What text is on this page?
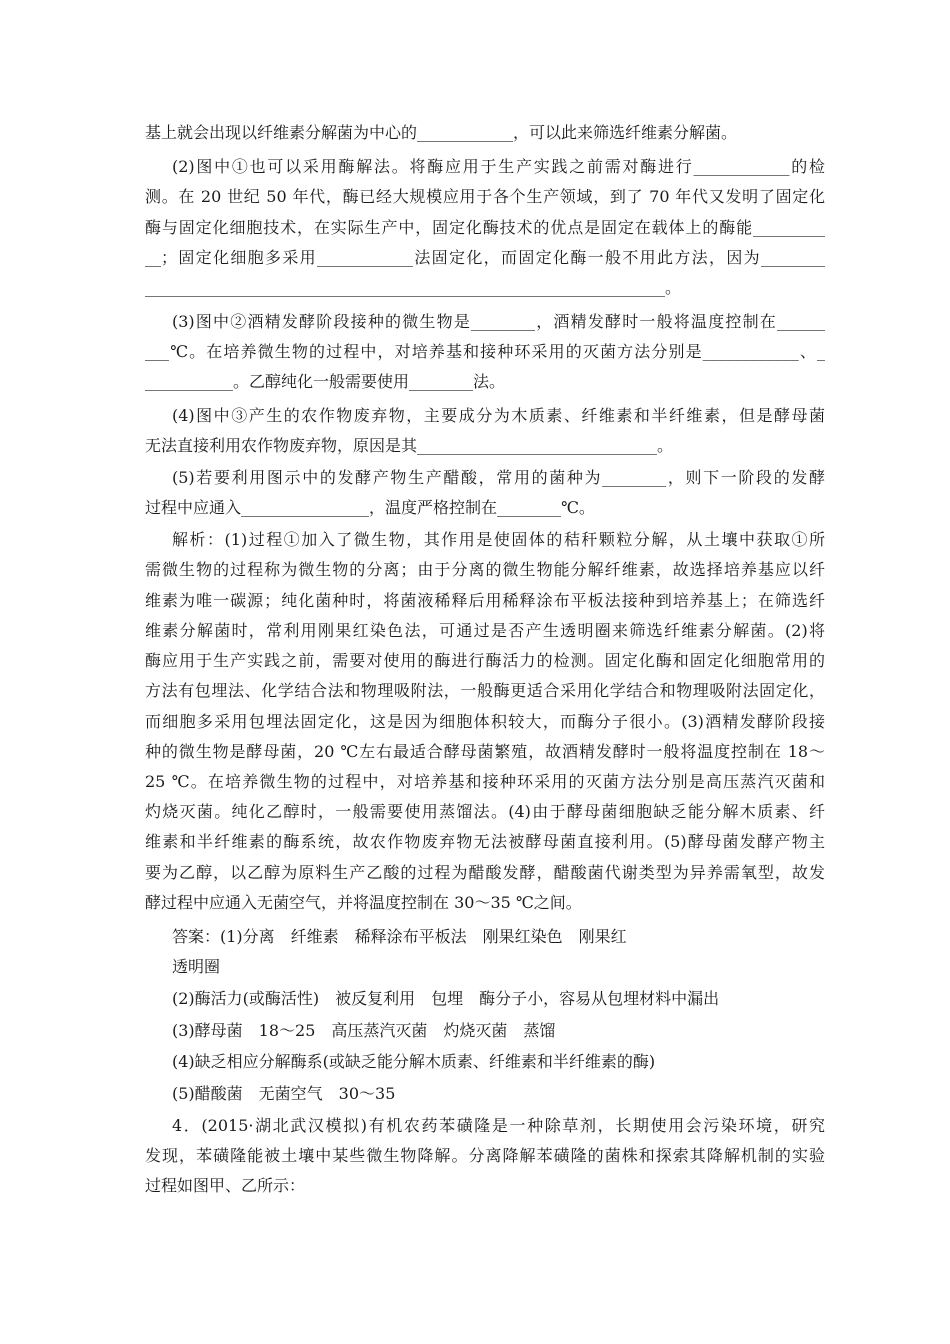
基上就会出现以纤维素分解菌为中心的____________，可以此来筛选纤维素分解菌。
(2)图中①也可以采用酶解法。将酶应用于生产实践之前需对酶进行____________的检
测。在 20 世纪 50 年代，酶已经大规模应用于各个生产领域，到了 70 年代又发明了固定化
酶与固定化细胞技术，在实际生产中，固定化酶技术的优点是固定在载体上的酶能_________
__；固定化细胞多采用____________法固定化，而固定化酶一般不用此方法，因为________
_________________________________________________________________。
(3)图中②酒精发酵阶段接种的微生物是________，酒精发酵时一般将温度控制在______
___℃。在培养微生物的过程中，对培养基和接种环采用的灭菌方法分别是____________、_
___________。乙醇纯化一般需要使用________法。
(4)图中③产生的农作物废弃物，主要成分为木质素、纤维素和半纤维素，但是酵母菌
无法直接利用农作物废弃物，原因是其______________________________。
(5)若要利用图示中的发酵产物生产醋酸，常用的菌种为________，则下一阶段的发酵
过程中应通入________________，温度严格控制在________℃。
解析：(1)过程①加入了微生物，其作用是使固体的秸秆颗粒分解，从土壤中获取①所
需微生物的过程称为微生物的分离；由于分离的微生物能分解纤维素，故选择培养基应以纤
维素为唯一碳源；纯化菌种时，将菌液稀释后用稀释涂布平板法接种到培养基上；在筛选纤
维素分解菌时，常利用刚果红染色法，可通过是否产生透明圈来筛选纤维素分解菌。(2)将
酶应用于生产实践之前，需要对使用的酶进行酶活力的检测。固定化酶和固定化细胞常用的
方法有包埋法、化学结合法和物理吸附法，一般酶更适合采用化学结合和物理吸附法固定化，
而细胞多采用包埋法固定化，这是因为细胞体积较大，而酶分子很小。(3)酒精发酵阶段接
种的微生物是酵母菌，20 ℃左右最适合酵母菌繁殖，故酒精发酵时一般将温度控制在 18～
25 ℃。在培养微生物的过程中，对培养基和接种环采用的灭菌方法分别是高压蒸汽灭菌和
灼烧灭菌。纯化乙醇时，一般需要使用蒸馏法。(4)由于酵母菌细胞缺乏能分解木质素、纤
维素和半纤维素的酶系统，故农作物废弃物无法被酵母菌直接利用。(5)酵母菌发酵产物主
要为乙醇，以乙醇为原料生产乙酸的过程为醋酸发酵，醋酸菌代谢类型为异养需氧型，故发
酵过程中应通入无菌空气，并将温度控制在 30～35 ℃之间。
答案：(1)分离　纤维素　稀释涂布平板法　刚果红染色　刚果红
透明圈
(2)酶活力(或酶活性)　被反复利用　包埋　酶分子小，容易从包埋材料中漏出
(3)酵母菌　18～25　高压蒸汽灭菌　灼烧灭菌　蒸馏
(4)缺乏相应分解酶系(或缺乏能分解木质素、纤维素和半纤维素的酶)
(5)醋酸菌　无菌空气　30～35
4．(2015·湖北武汉模拟)有机农药苯磺隆是一种除草剂，长期使用会污染环境，研究
发现，苯磺隆能被土壤中某些微生物降解。分离降解苯磺隆的菌株和探索其降解机制的实验
过程如图甲、乙所示：
